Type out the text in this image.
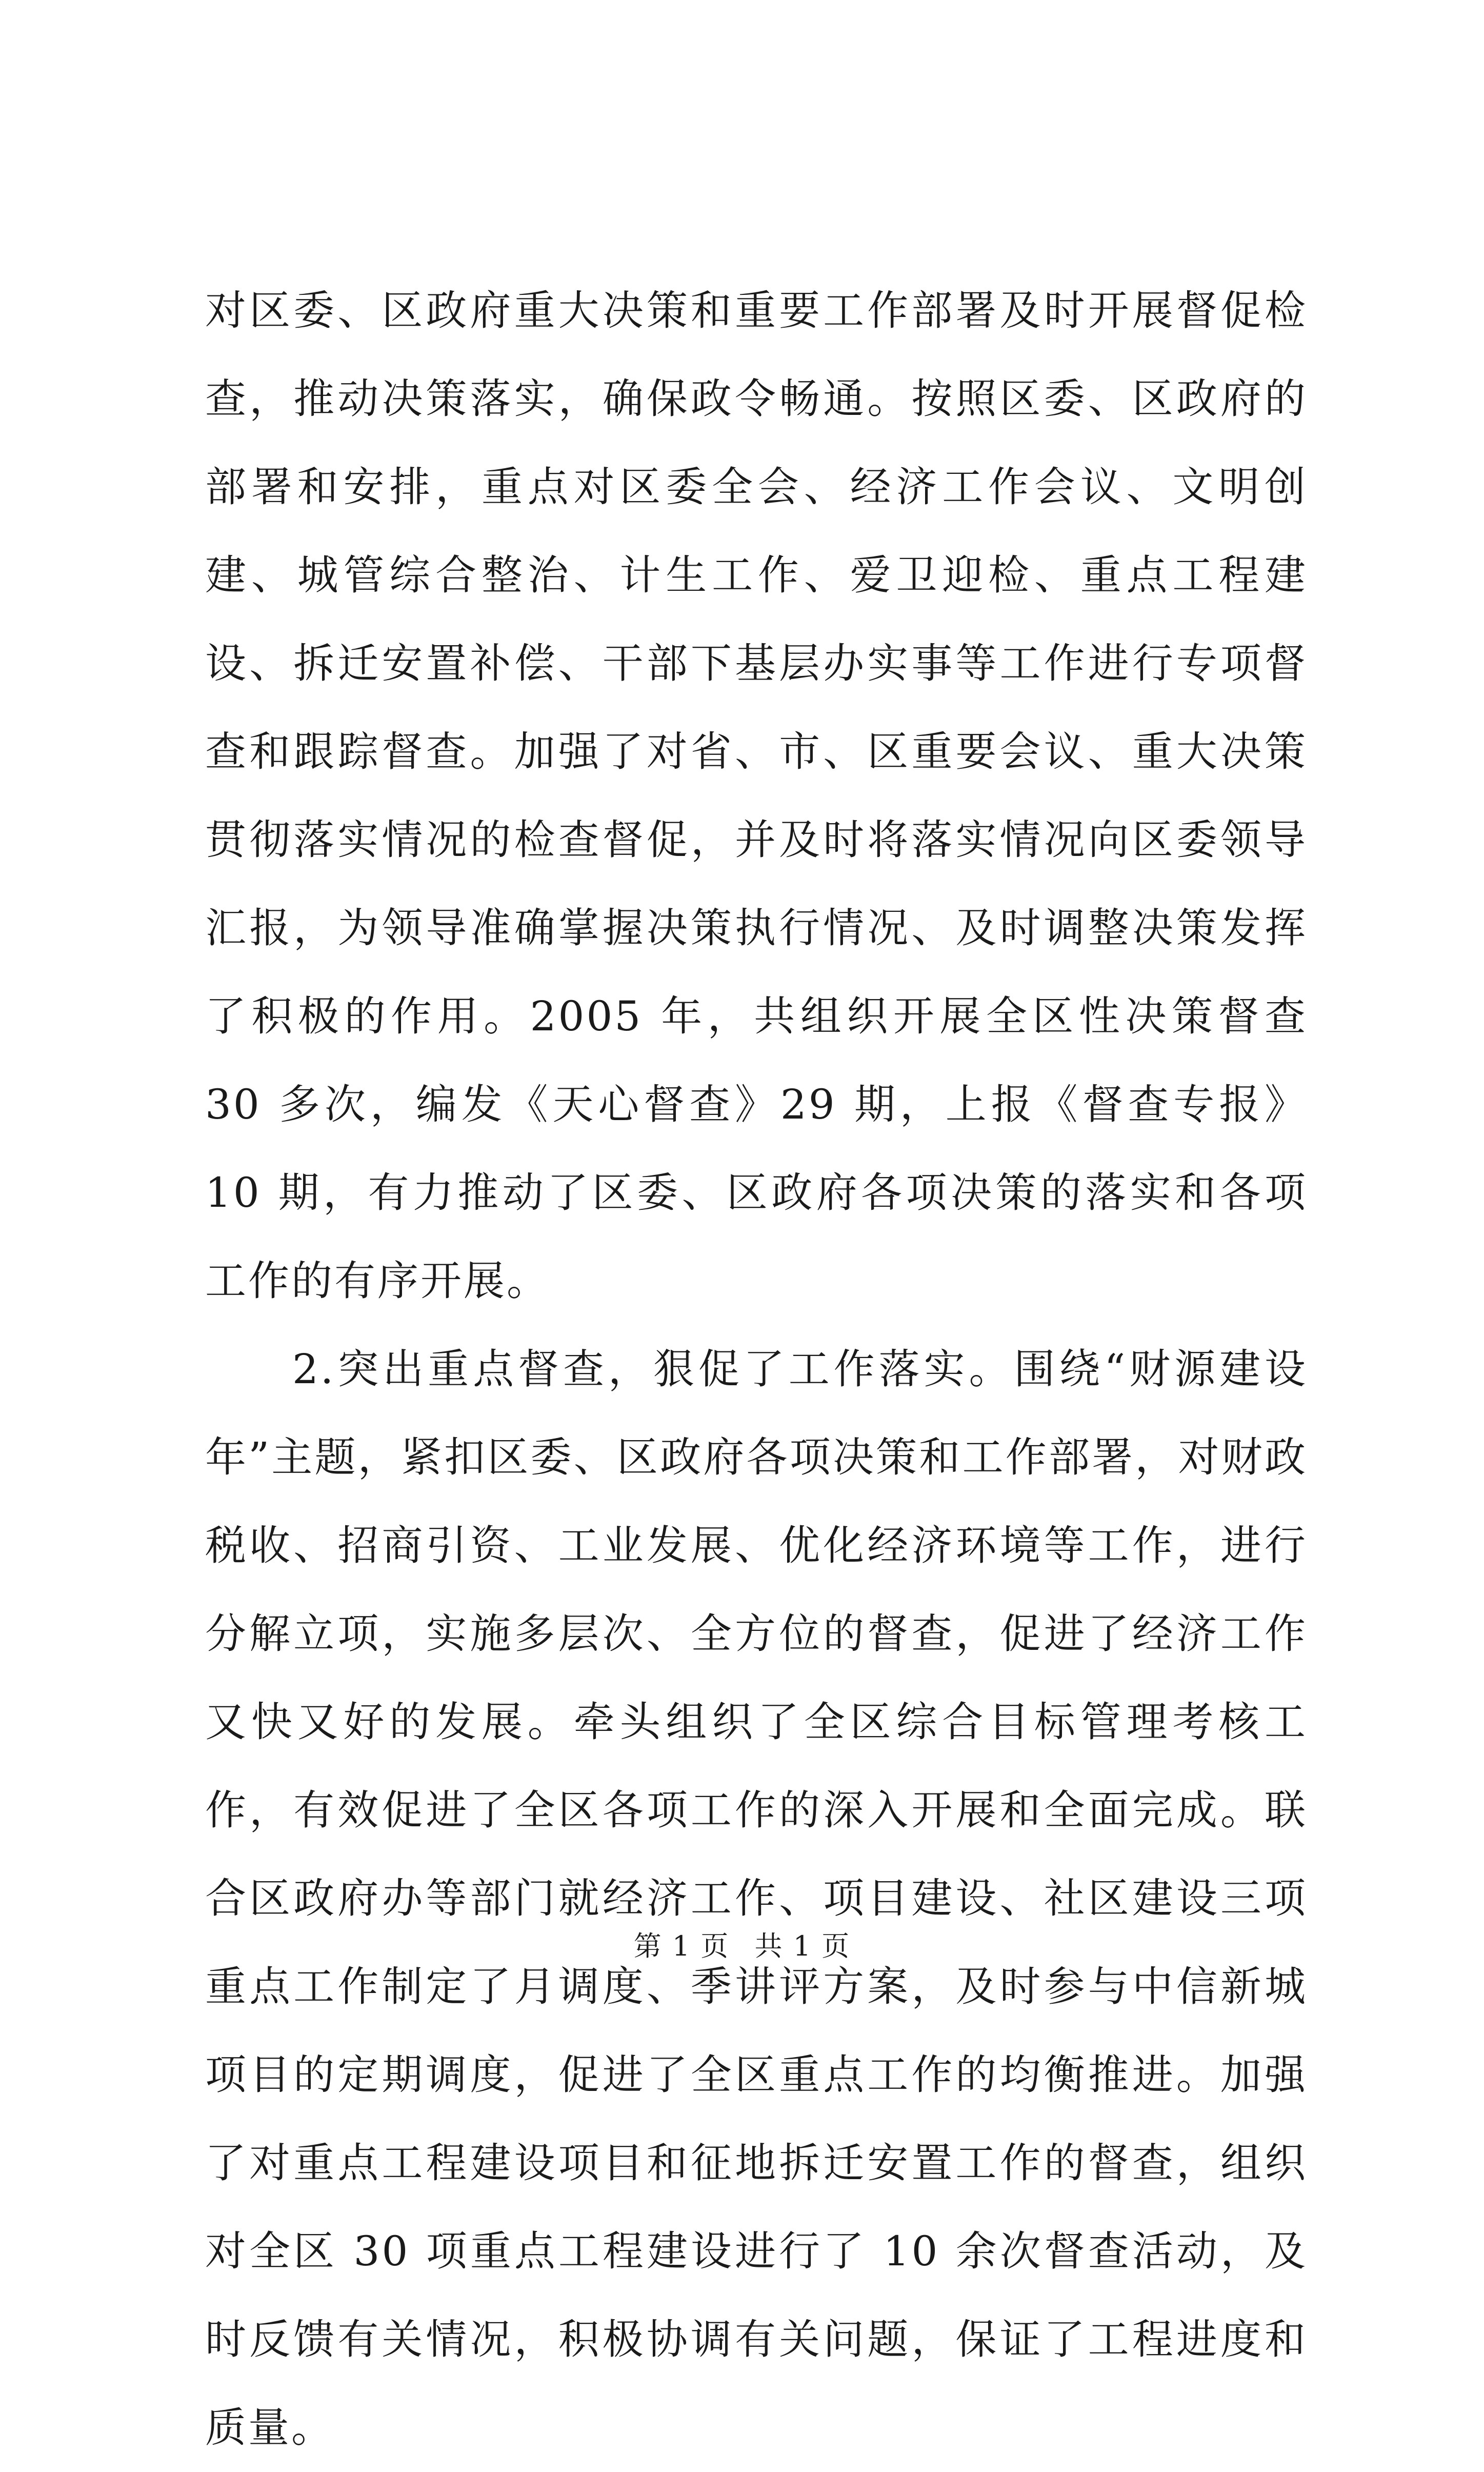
对区委、区政府重大决策和重要工作部署及时开展督促检查，推动决策落实，确保政令畅通。按照区委、区政府的部署和安排，重点对区委全会、经济工作会议、文明创建、城管综合整治、计生工作、爱卫迎检、重点工程建设、拆迁安置补偿、干部下基层办实事等工作进行专项督查和跟踪督查。加强了对省、市、区重要会议、重大决策贯彻落实情况的检查督促，并及时将落实情况向区委领导汇报，为领导准确掌握决策执行情况、及时调整决策发挥了积极的作用。2005 年，共组织开展全区性决策督查 30 多次，编发《天心督查》29 期，上报《督查专报》10 期，有力推动了区委、区政府各项决策的落实和各项工作的有序开展。

2.突出重点督查，狠促了工作落实。围绕“财源建设年”主题，紧扣区委、区政府各项决策和工作部署，对财政税收、招商引资、工业发展、优化经济环境等工作，进行分解立项，实施多层次、全方位的督查，促进了经济工作又快又好的发展。牵头组织了全区综合目标管理考核工作，有效促进了全区各项工作的深入开展和全面完成。联合区政府办等部门就经济工作、项目建设、社区建设三项重点工作制定了月调度、季讲评方案，及时参与中信新城项目的定期调度，促进了全区重点工作的均衡推进。加强了对重点工程建设项目和征地拆迁安置工作的督查，组织对全区 30 项重点工程建设进行了 10 余次督查活动，及时反馈有关情况，积极协调有关问题，保证了工程进度和质量。

第 1 页 共 1 页
